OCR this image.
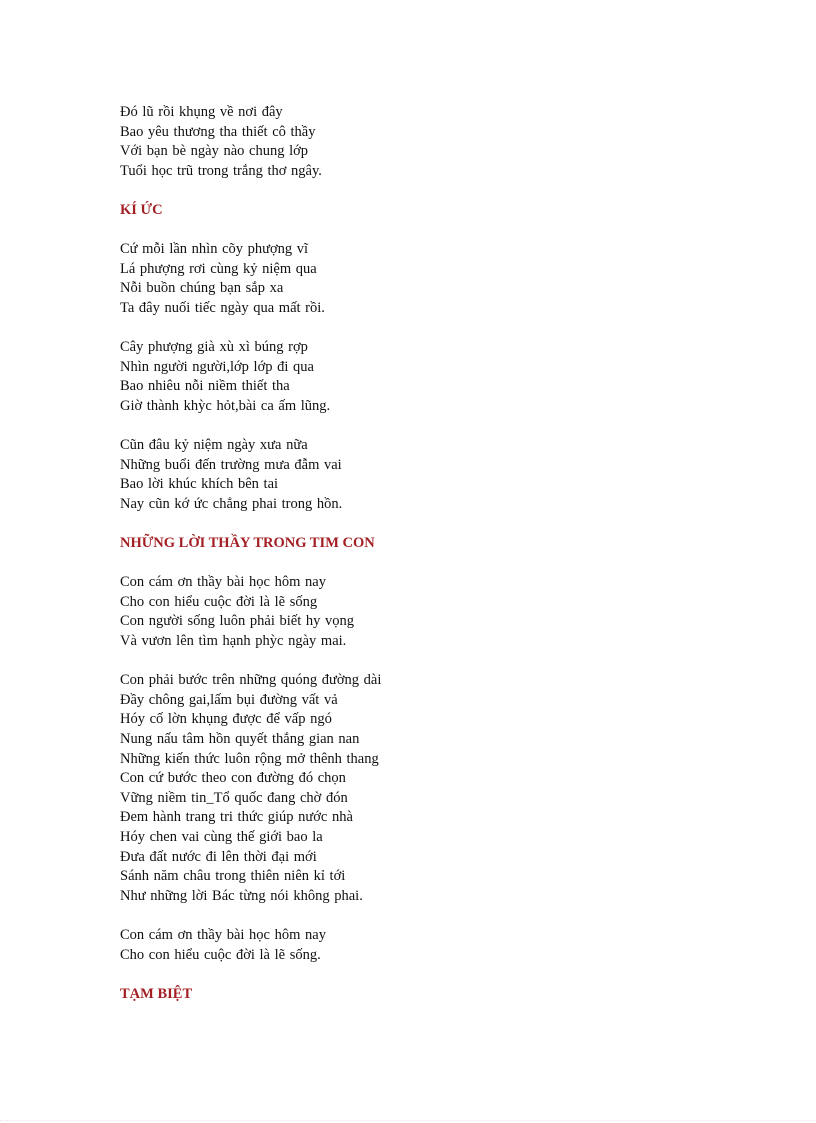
Đó lũ rồi khụng về nơi đây
Bao yêu thương tha thiết cô thầy
Với bạn bè ngày nào chung lớp
Tuổi học trũ trong trắng thơ ngây.
KÍ ỨC
Cứ mỗi lần nhìn cõy phượng vĩ
Lá phượng rơi cùng kỷ niệm qua
Nỗi buồn chúng bạn sắp xa
Ta đây nuối tiếc ngày qua mất rồi.
Cây phượng già xù xì búng rợp
Nhìn người người,lớp lớp đi qua
Bao nhiêu nỗi niềm thiết tha
Giờ thành khỳc hỏt,bài ca ấm lũng.
Cũn đâu kỷ niệm ngày xưa nữa
Những buổi đến trường mưa đẫm vai
Bao lời khúc khích bên tai
Nay cũn kớ ức chẳng phai trong hồn.
NHỮNG LỜI THẦY TRONG TIM CON
Con cám ơn thầy bài học hôm nay
Cho con hiểu cuộc đời là lẽ sống
Con người sống luôn phải biết hy vọng
Và vươn lên tìm hạnh phỳc ngày mai.
Con phải bước trên những quóng đường dài
Đầy chông gai,lấm bụi đường vất vả
Hóy cố lờn khụng được để vấp ngó
Nung nấu tâm hồn quyết thắng gian nan
Những kiến thức luôn rộng mở thênh thang
Con cứ bước theo con đường đó chọn
Vững niềm tin_Tổ quốc đang chờ đón
Đem hành trang tri thức giúp nước nhà
Hóy chen vai cùng thế giới bao la
Đưa đất nước đi lên thời đại mới
Sánh năm châu trong thiên niên kỉ tới
Như những lời Bác từng nói không phai.
Con cám ơn thầy bài học hôm nay
Cho con hiểu cuộc đời là lẽ sống.
TẠM BIỆT
